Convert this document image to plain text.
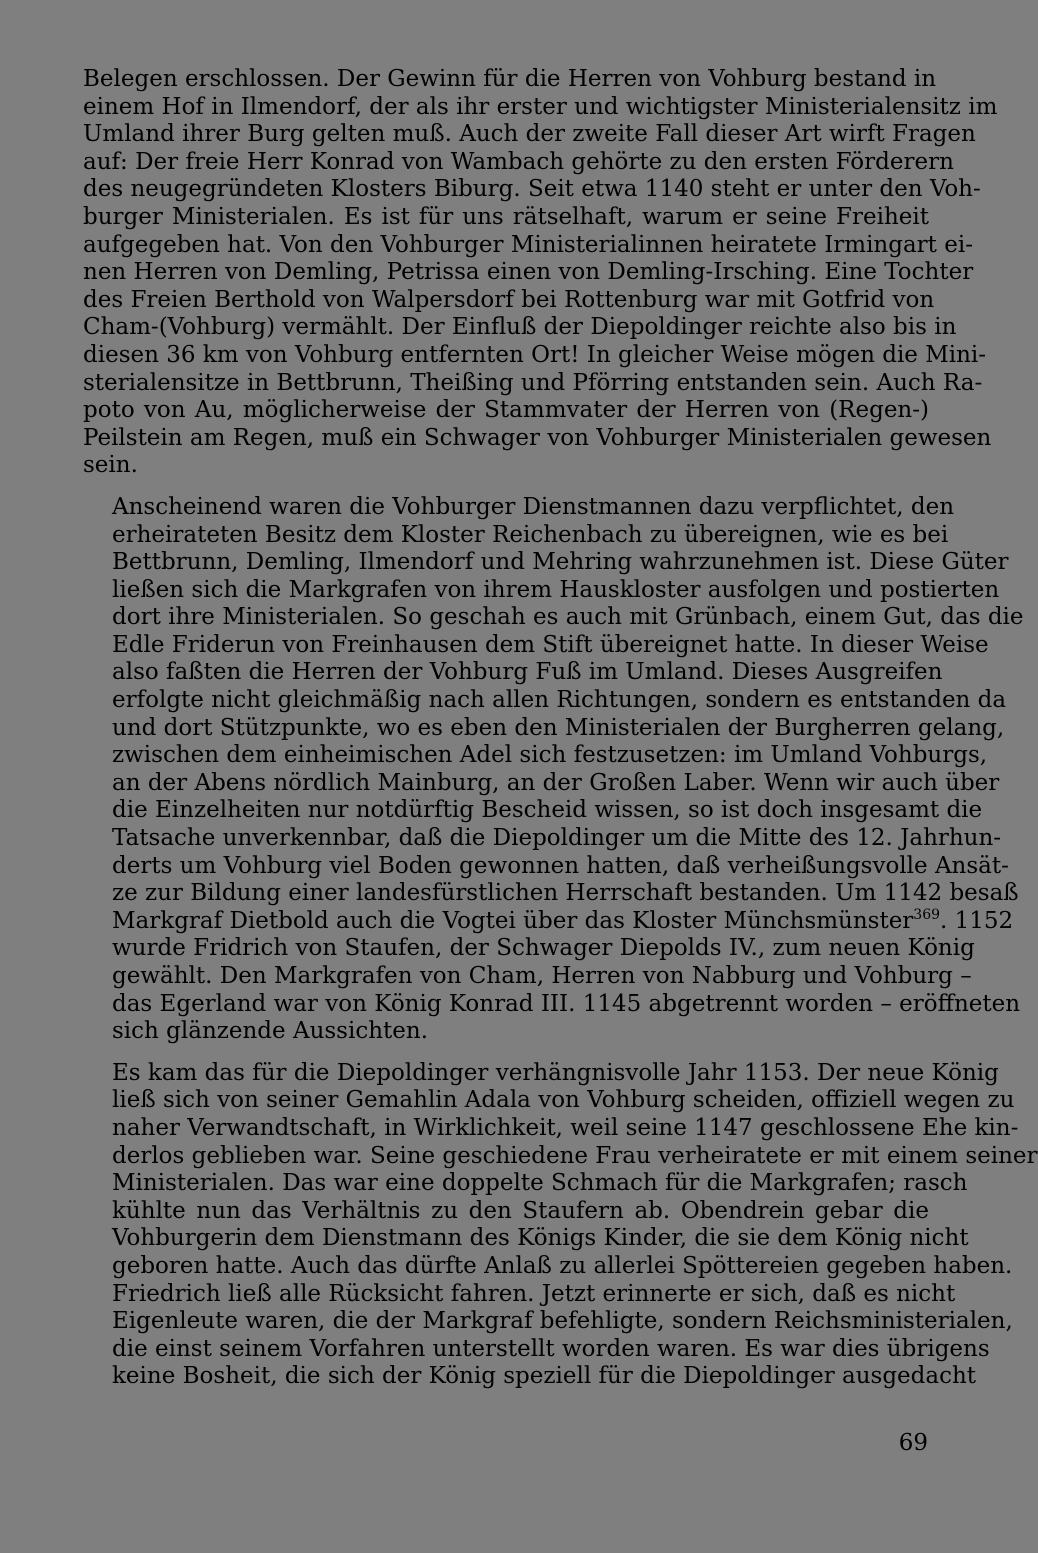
Belegen erschlossen. Der Gewinn für die Herren von Vohburg bestand in
einem Hof in Ilmendorf, der als ihr erster und wichtigster Ministerialensitz im
Umland ihrer Burg gelten muß. Auch der zweite Fall dieser Art wirft Fragen
auf: Der freie Herr Konrad von Wambach gehörte zu den ersten Förderern
des neugegründeten Klosters Biburg. Seit etwa 1140 steht er unter den Voh-
burger Ministerialen. Es ist für uns rätselhaft, warum er seine Freiheit
aufgegeben hat. Von den Vohburger Ministerialinnen heiratete Irmingart ei-
nen Herren von Demling, Petrissa einen von Demling-Irsching. Eine Tochter
des Freien Berthold von Walpersdorf bei Rottenburg war mit Gotfrid von
Cham-(Vohburg) vermählt. Der Einfluß der Diepoldinger reichte also bis in
diesen 36 km von Vohburg entfernten Ort! In gleicher Weise mögen die Mini-
sterialensitze in Bettbrunn, Theißing und Pförring entstanden sein. Auch Ra-
poto von Au, möglicherweise der Stammvater der Herren von (Regen-)
Peilstein am Regen, muß ein Schwager von Vohburger Ministerialen gewesen
sein.

Anscheinend waren die Vohburger Dienstmannen dazu verpflichtet, den
erheirateten Besitz dem Kloster Reichenbach zu übereignen, wie es bei
Bettbrunn, Demling, Ilmendorf und Mehring wahrzunehmen ist. Diese Güter
ließen sich die Markgrafen von ihrem Hauskloster ausfolgen und postierten
dort ihre Ministerialen. So geschah es auch mit Grünbach, einem Gut, das die
Edle Friderun von Freinhausen dem Stift übereignet hatte. In dieser Weise
also faßten die Herren der Vohburg Fuß im Umland. Dieses Ausgreifen
erfolgte nicht gleichmäßig nach allen Richtungen, sondern es entstanden da
und dort Stützpunkte, wo es eben den Ministerialen der Burgherren gelang,
zwischen dem einheimischen Adel sich festzusetzen: im Umland Vohburgs,
an der Abens nördlich Mainburg, an der Großen Laber. Wenn wir auch über
die Einzelheiten nur notdürftig Bescheid wissen, so ist doch insgesamt die
Tatsache unverkennbar, daß die Diepoldinger um die Mitte des 12. Jahrhun-
derts um Vohburg viel Boden gewonnen hatten, daß verheißungsvolle Ansät-
ze zur Bildung einer landesfürstlichen Herrschaft bestanden. Um 1142 besaß
Markgraf Dietbold auch die Vogtei über das Kloster Münchsmünster$^{369}$. 1152
wurde Fridrich von Staufen, der Schwager Diepolds IV., zum neuen König
gewählt. Den Markgrafen von Cham, Herren von Nabburg und Vohburg –
das Egerland war von König Konrad III. 1145 abgetrennt worden – eröffneten
sich glänzende Aussichten.

Es kam das für die Diepoldinger verhängnisvolle Jahr 1153. Der neue König
ließ sich von seiner Gemahlin Adala von Vohburg scheiden, offiziell wegen zu
naher Verwandtschaft, in Wirklichkeit, weil seine 1147 geschlossene Ehe kin-
derlos geblieben war. Seine geschiedene Frau verheiratete er mit einem seiner
Ministerialen. Das war eine doppelte Schmach für die Markgrafen; rasch
kühlte nun das Verhältnis zu den Staufern ab. Obendrein gebar die
Vohburgerin dem Dienstmann des Königs Kinder, die sie dem König nicht
geboren hatte. Auch das dürfte Anlaß zu allerlei Spöttereien gegeben haben.
Friedrich ließ alle Rücksicht fahren. Jetzt erinnerte er sich, daß es nicht
Eigenleute waren, die der Markgraf befehligte, sondern Reichsministerialen,
die einst seinem Vorfahren unterstellt worden waren. Es war dies übrigens
keine Bosheit, die sich der König speziell für die Diepoldinger ausgedacht

69
